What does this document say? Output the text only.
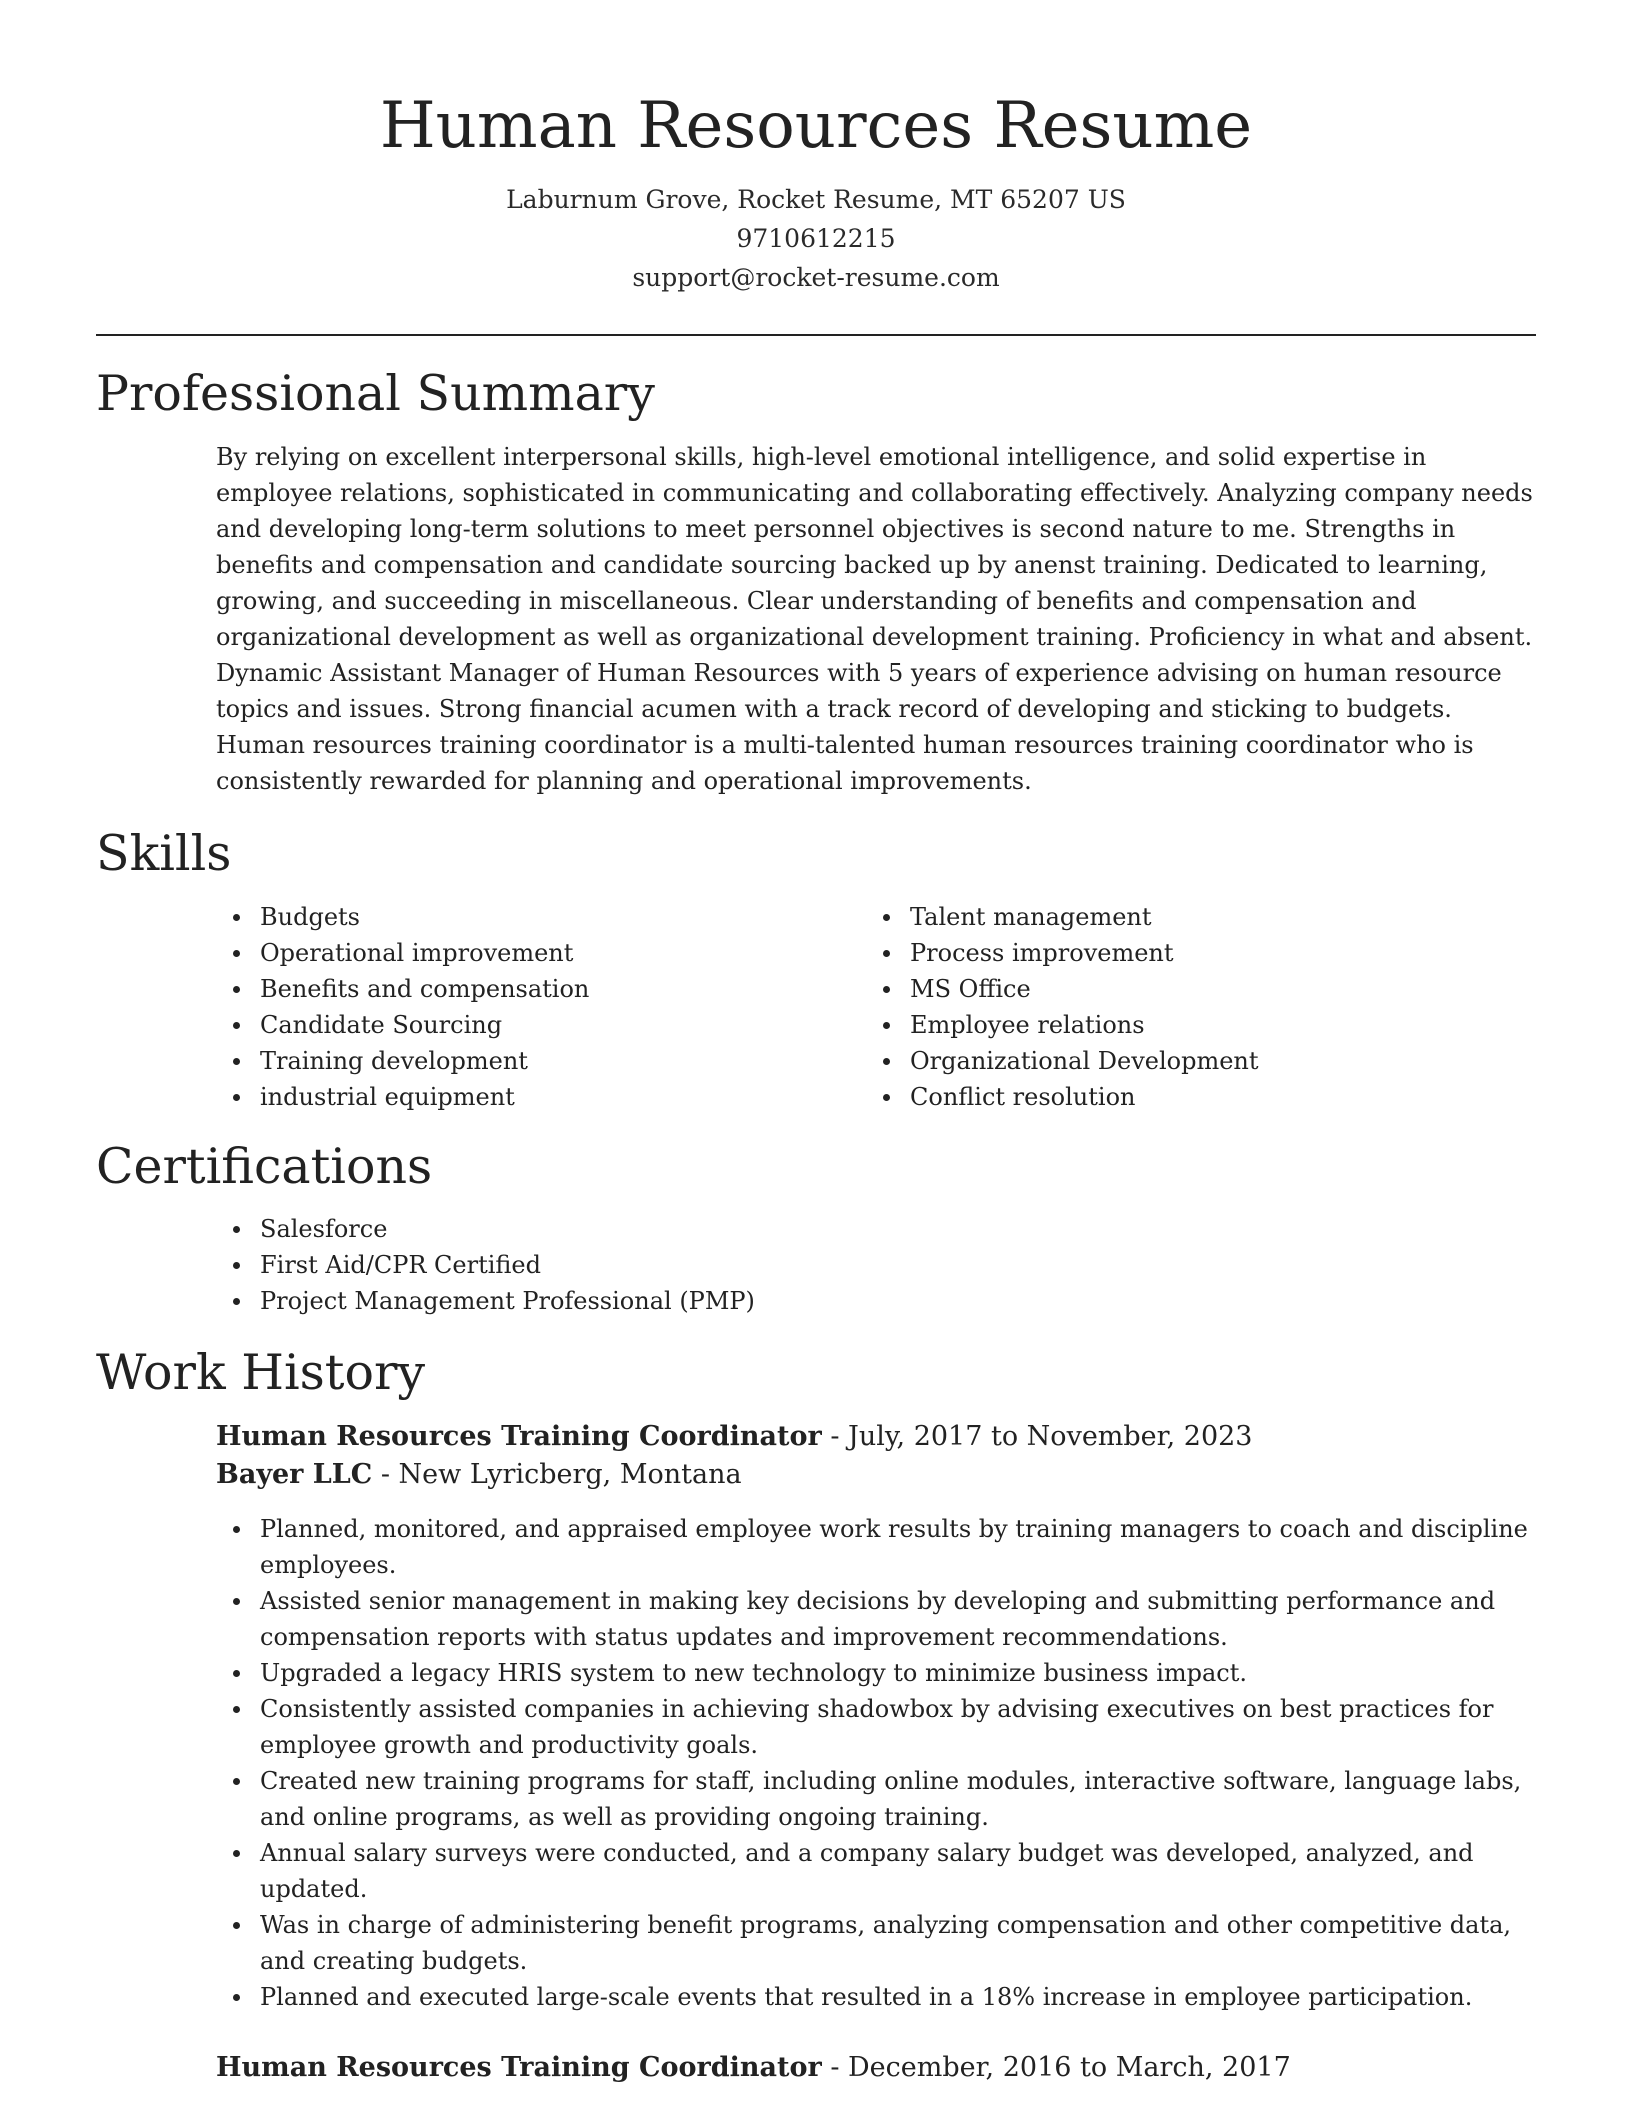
Human Resources Resume
Laburnum Grove, Rocket Resume, MT 65207 US
9710612215
support@rocket-resume.com
Professional Summary

By relying on excellent interpersonal skills, high-level emotional intelligence, and solid expertise in employee relations, sophisticated in communicating and collaborating effectively. Analyzing company needs and developing long-term solutions to meet personnel objectives is second nature to me. Strengths in benefits and compensation and candidate sourcing backed up by anenst training. Dedicated to learning, growing, and succeeding in miscellaneous. Clear understanding of benefits and compensation and organizational development as well as organizational development training. Proficiency in what and absent. Dynamic Assistant Manager of Human Resources with 5 years of experience advising on human resource topics and issues. Strong financial acumen with a track record of developing and sticking to budgets. Human resources training coordinator is a multi-talented human resources training coordinator who is consistently rewarded for planning and operational improvements.

Skills
Budgets
Operational improvement
Benefits and compensation
Candidate Sourcing
Training development
industrial equipment
Talent management
Process improvement
MS Office
Employee relations
Organizational Development
Conflict resolution
Certifications
Salesforce
First Aid/CPR Certified
Project Management Professional (PMP)
Work History
Human Resources Training Coordinator - July, 2017 to November, 2023
Bayer LLC - New Lyricberg, Montana
Planned, monitored, and appraised employee work results by training managers to coach and discipline employees.
Assisted senior management in making key decisions by developing and submitting performance and compensation reports with status updates and improvement recommendations.
Upgraded a legacy HRIS system to new technology to minimize business impact.
Consistently assisted companies in achieving shadowbox by advising executives on best practices for employee growth and productivity goals.
Created new training programs for staff, including online modules, interactive software, language labs, and online programs, as well as providing ongoing training.
Annual salary surveys were conducted, and a company salary budget was developed, analyzed, and updated.
Was in charge of administering benefit programs, analyzing compensation and other competitive data, and creating budgets.
Planned and executed large-scale events that resulted in a 18% increase in employee participation.
Human Resources Training Coordinator - December, 2016 to March, 2017
